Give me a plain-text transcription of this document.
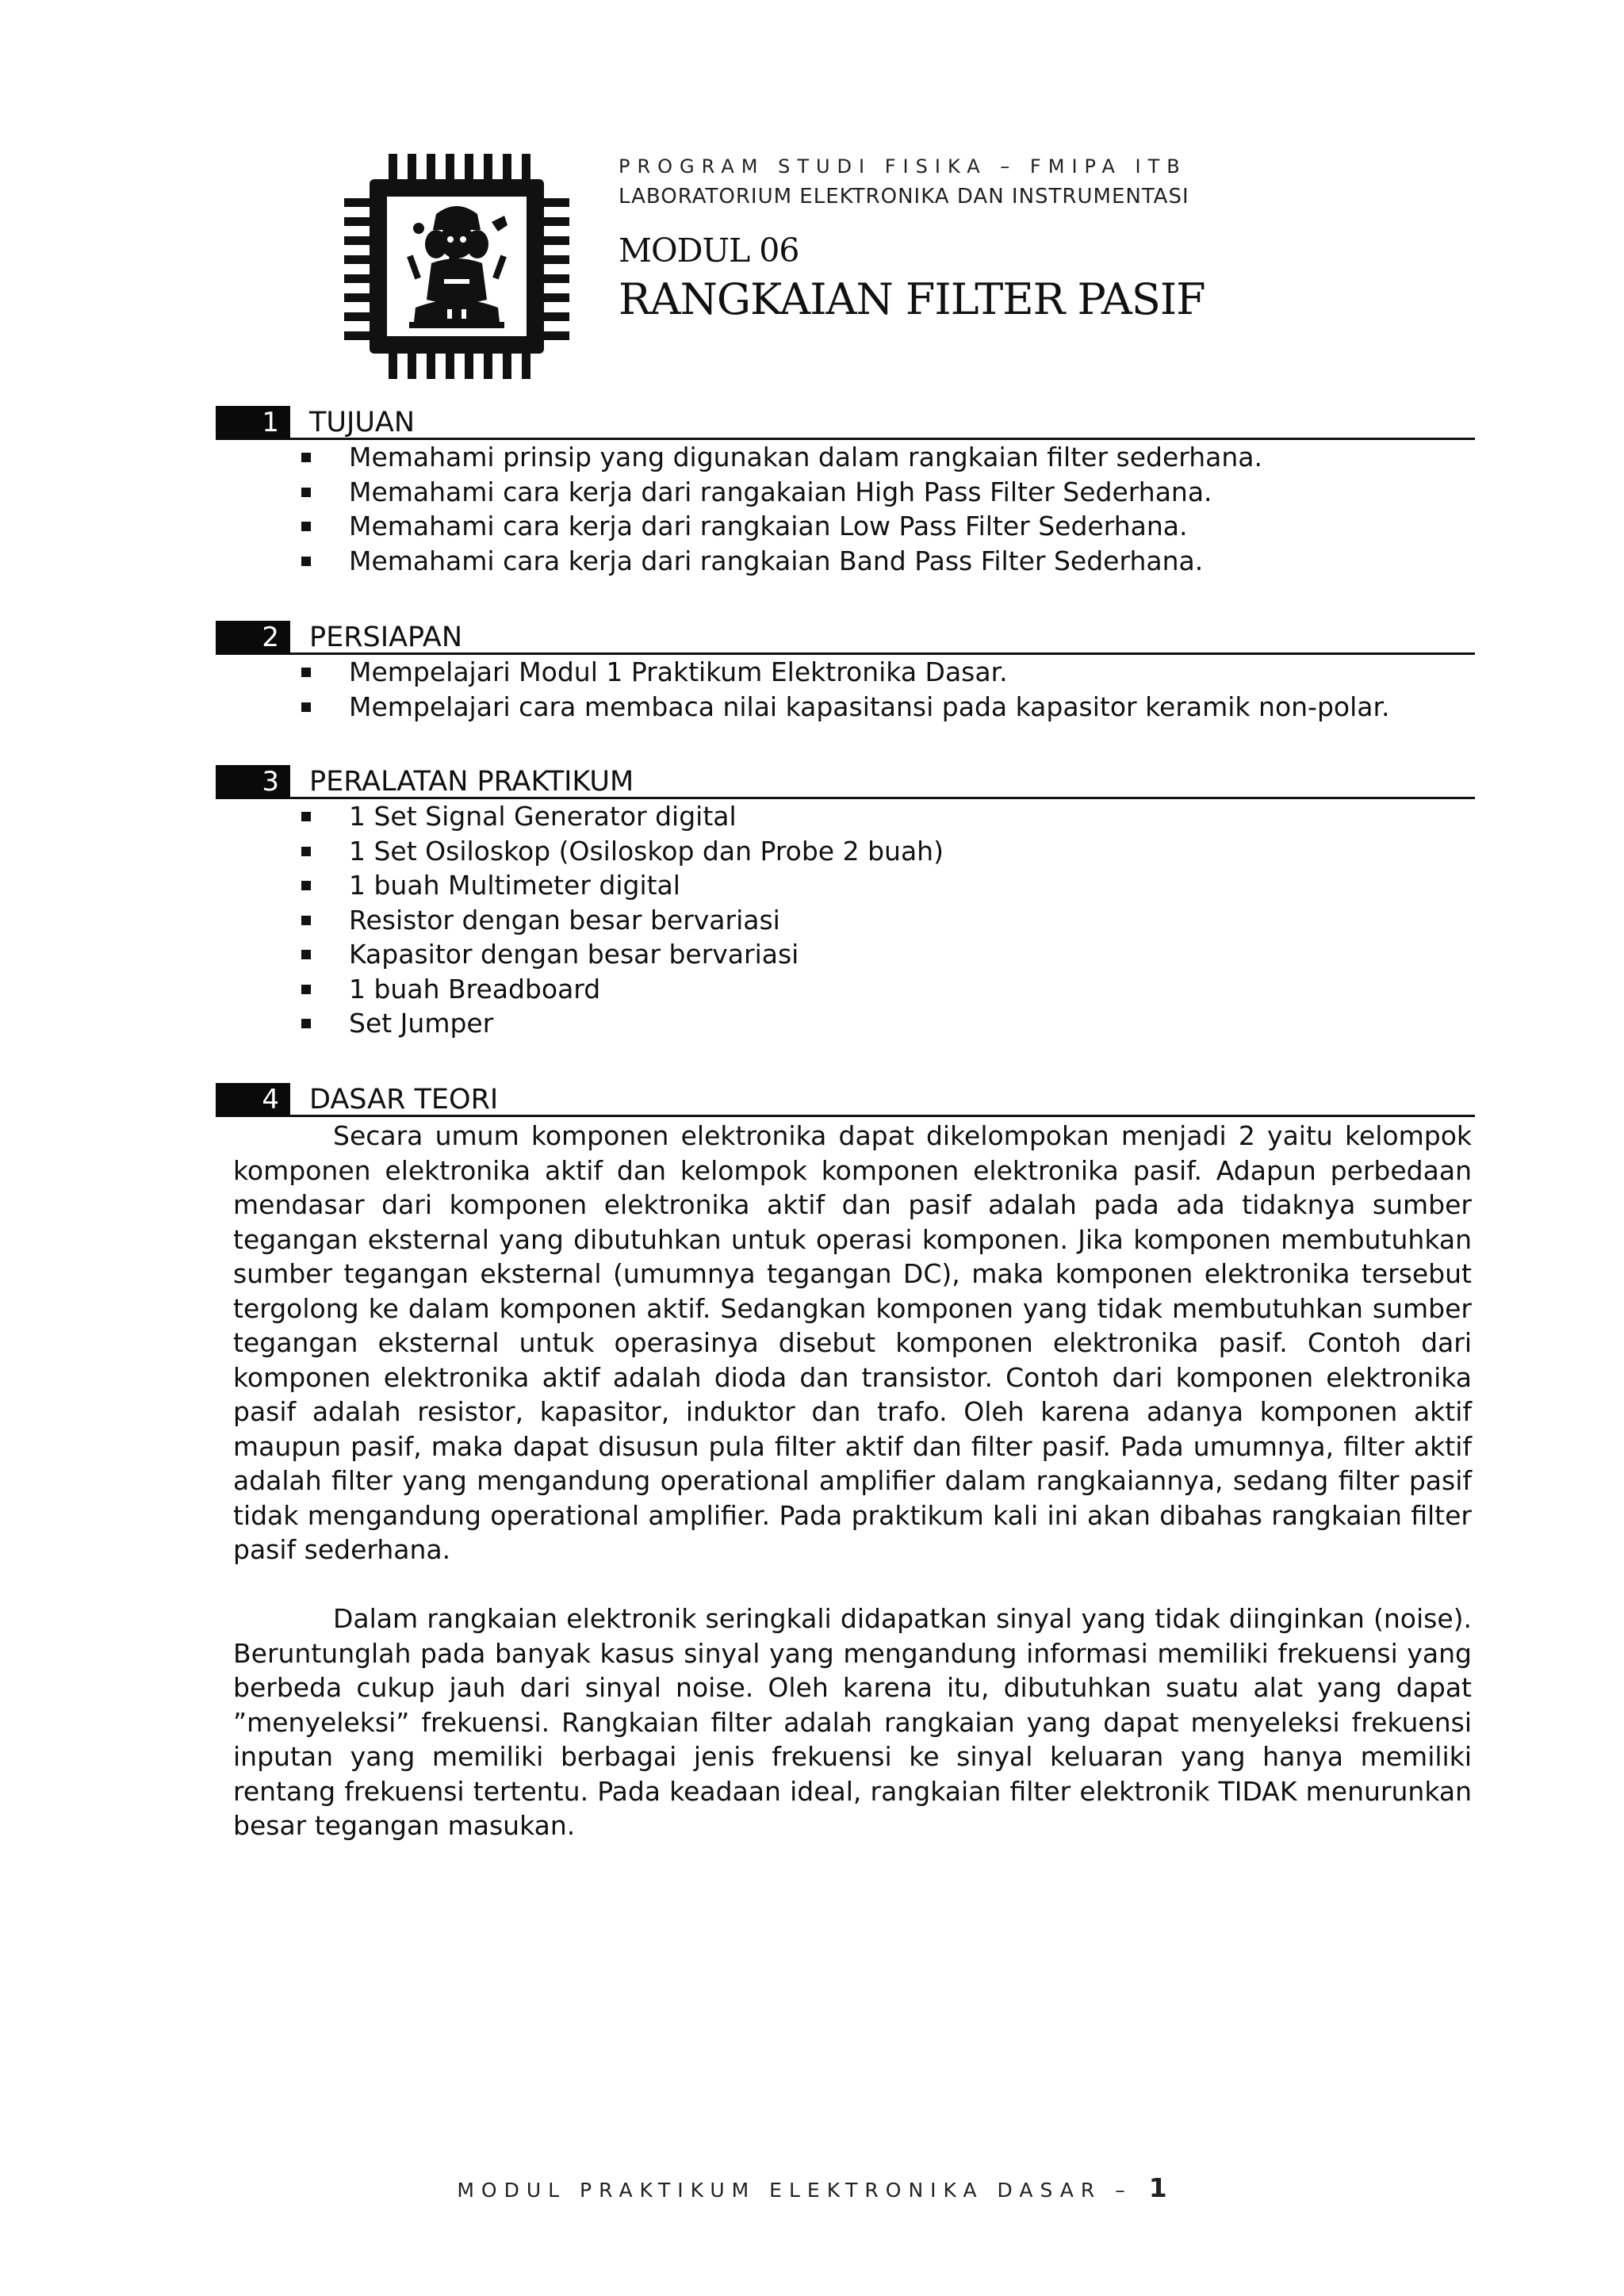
PROGRAM STUDI FISIKA – FMIPA ITB
LABORATORIUM ELEKTRONIKA DAN INSTRUMENTASI
MODUL 06
RANGKAIAN FILTER PASIF
1	TUJUAN
Memahami prinsip yang digunakan dalam rangkaian filter sederhana.
Memahami cara kerja dari rangakaian High Pass Filter Sederhana.
Memahami cara kerja dari rangkaian Low Pass Filter Sederhana.
Memahami cara kerja dari rangkaian Band Pass Filter Sederhana.
2	PERSIAPAN
Mempelajari Modul 1 Praktikum Elektronika Dasar.
Mempelajari cara membaca nilai kapasitansi pada kapasitor keramik non-polar.
3	PERALATAN PRAKTIKUM
1 Set Signal Generator digital
1 Set Osiloskop (Osiloskop dan Probe 2 buah)
1 buah Multimeter digital
Resistor dengan besar bervariasi
Kapasitor dengan besar bervariasi
1 buah Breadboard
Set Jumper
4	DASAR TEORI

Secara umum komponen elektronika dapat dikelompokan menjadi 2 yaitu kelompok komponen elektronika aktif dan kelompok komponen elektronika pasif. Adapun perbedaan mendasar dari komponen elektronika aktif dan pasif adalah pada ada tidaknya sumber tegangan eksternal yang dibutuhkan untuk operasi komponen. Jika komponen membutuhkan sumber tegangan eksternal (umumnya tegangan DC), maka komponen elektronika tersebut tergolong ke dalam komponen aktif. Sedangkan komponen yang tidak membutuhkan sumber tegangan eksternal untuk operasinya disebut komponen elektronika pasif. Contoh dari komponen elektronika aktif adalah dioda dan transistor. Contoh dari komponen elektronika pasif adalah resistor, kapasitor, induktor dan trafo. Oleh karena adanya komponen aktif maupun pasif, maka dapat disusun pula filter aktif dan filter pasif. Pada umumnya, filter aktif adalah filter yang mengandung operational amplifier dalam rangkaiannya, sedang filter pasif tidak mengandung operational amplifier. Pada praktikum kali ini akan dibahas rangkaian filter pasif sederhana.

Dalam rangkaian elektronik seringkali didapatkan sinyal yang tidak diinginkan (noise). Beruntunglah pada banyak kasus sinyal yang mengandung informasi memiliki frekuensi yang berbeda cukup jauh dari sinyal noise. Oleh karena itu, dibutuhkan suatu alat yang dapat ”menyeleksi” frekuensi. Rangkaian filter adalah rangkaian yang dapat menyeleksi frekuensi inputan yang memiliki berbagai jenis frekuensi ke sinyal keluaran yang hanya memiliki rentang frekuensi tertentu. Pada keadaan ideal, rangkaian filter elektronik TIDAK menurunkan besar tegangan masukan.

MODUL PRAKTIKUM ELEKTRONIKA DASAR – 1
